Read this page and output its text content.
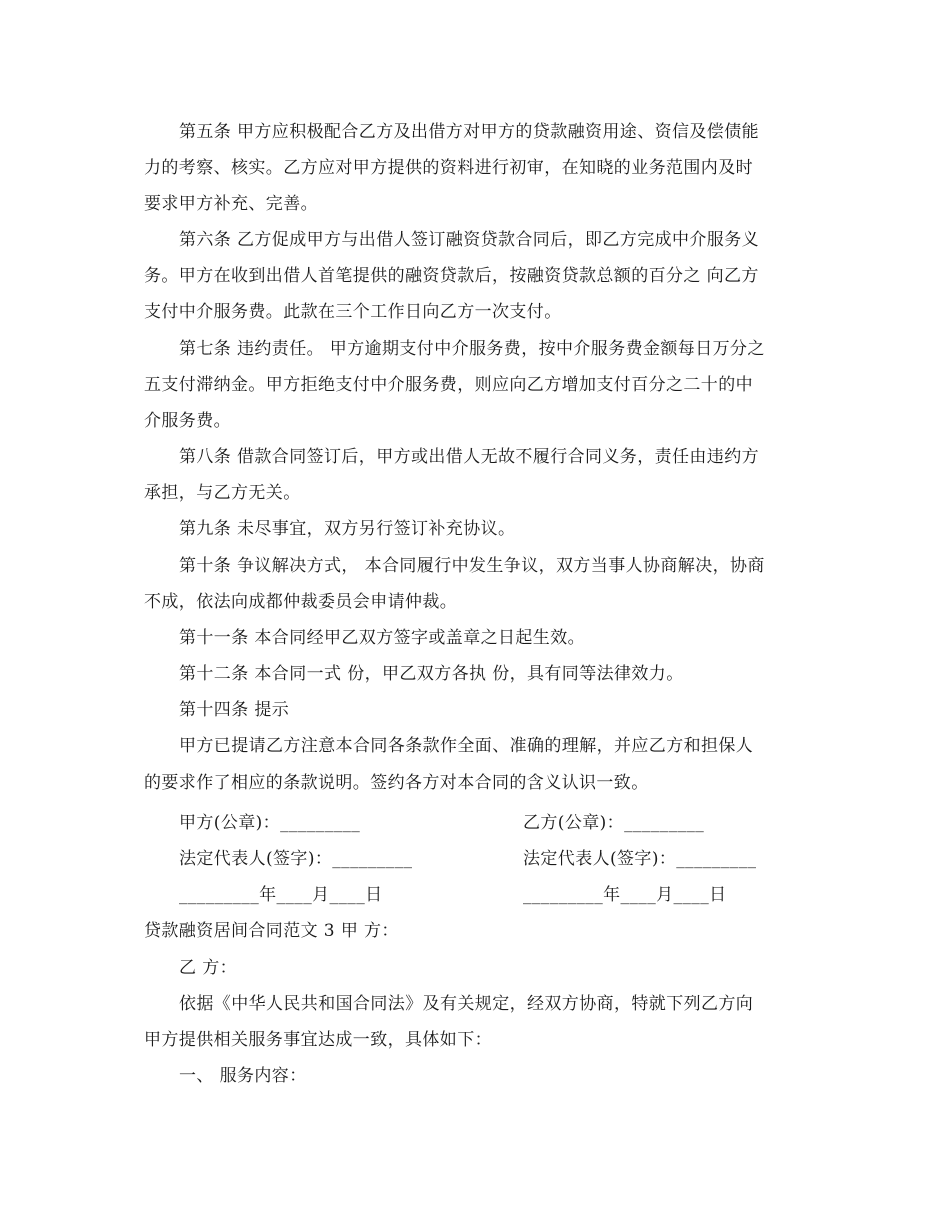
第五条 甲方应积极配合乙方及出借方对甲方的贷款融资用途、资信及偿债能
力的考察、核实。乙方应对甲方提供的资料进行初审，在知晓的业务范围内及时
要求甲方补充、完善。
第六条 乙方促成甲方与出借人签订融资贷款合同后，即乙方完成中介服务义
务。甲方在收到出借人首笔提供的融资贷款后，按融资贷款总额的百分之 向乙方
支付中介服务费。此款在三个工作日向乙方一次支付。
第七条 违约责任。 甲方逾期支付中介服务费，按中介服务费金额每日万分之
五支付滞纳金。甲方拒绝支付中介服务费，则应向乙方增加支付百分之二十的中
介服务费。
第八条 借款合同签订后，甲方或出借人无故不履行合同义务，责任由违约方
承担，与乙方无关。
第九条 未尽事宜，双方另行签订补充协议。
第十条 争议解决方式， 本合同履行中发生争议，双方当事人协商解决，协商
不成，依法向成都仲裁委员会申请仲裁。
第十一条 本合同经甲乙双方签字或盖章之日起生效。
第十二条 本合同一式 份，甲乙双方各执 份，具有同等法律效力。
第十四条 提示
甲方已提请乙方注意本合同各条款作全面、准确的理解，并应乙方和担保人
的要求作了相应的条款说明。签约各方对本合同的含义认识一致。
甲方(公章)：_________	乙方(公章)：_________
法定代表人(签字)：_________	法定代表人(签字)：_________
_________年____月____日	_________年____月____日
贷款融资居间合同范文 3 甲 方：
乙 方：
依据《中华人民共和国合同法》及有关规定，经双方协商，特就下列乙方向
甲方提供相关服务事宜达成一致，具体如下：
一、 服务内容：
